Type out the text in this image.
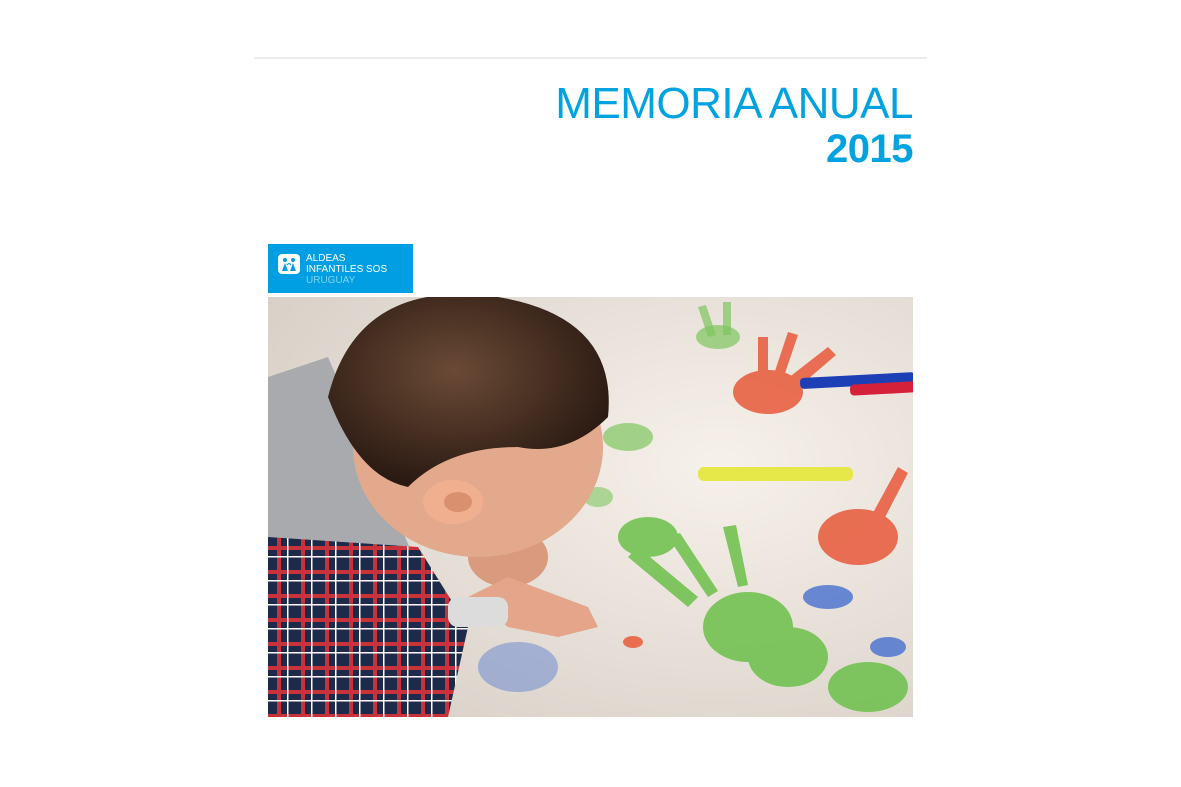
MEMORIA ANUAL
2015
ALDEAS
INFANTILES SOS
URUGUAY
